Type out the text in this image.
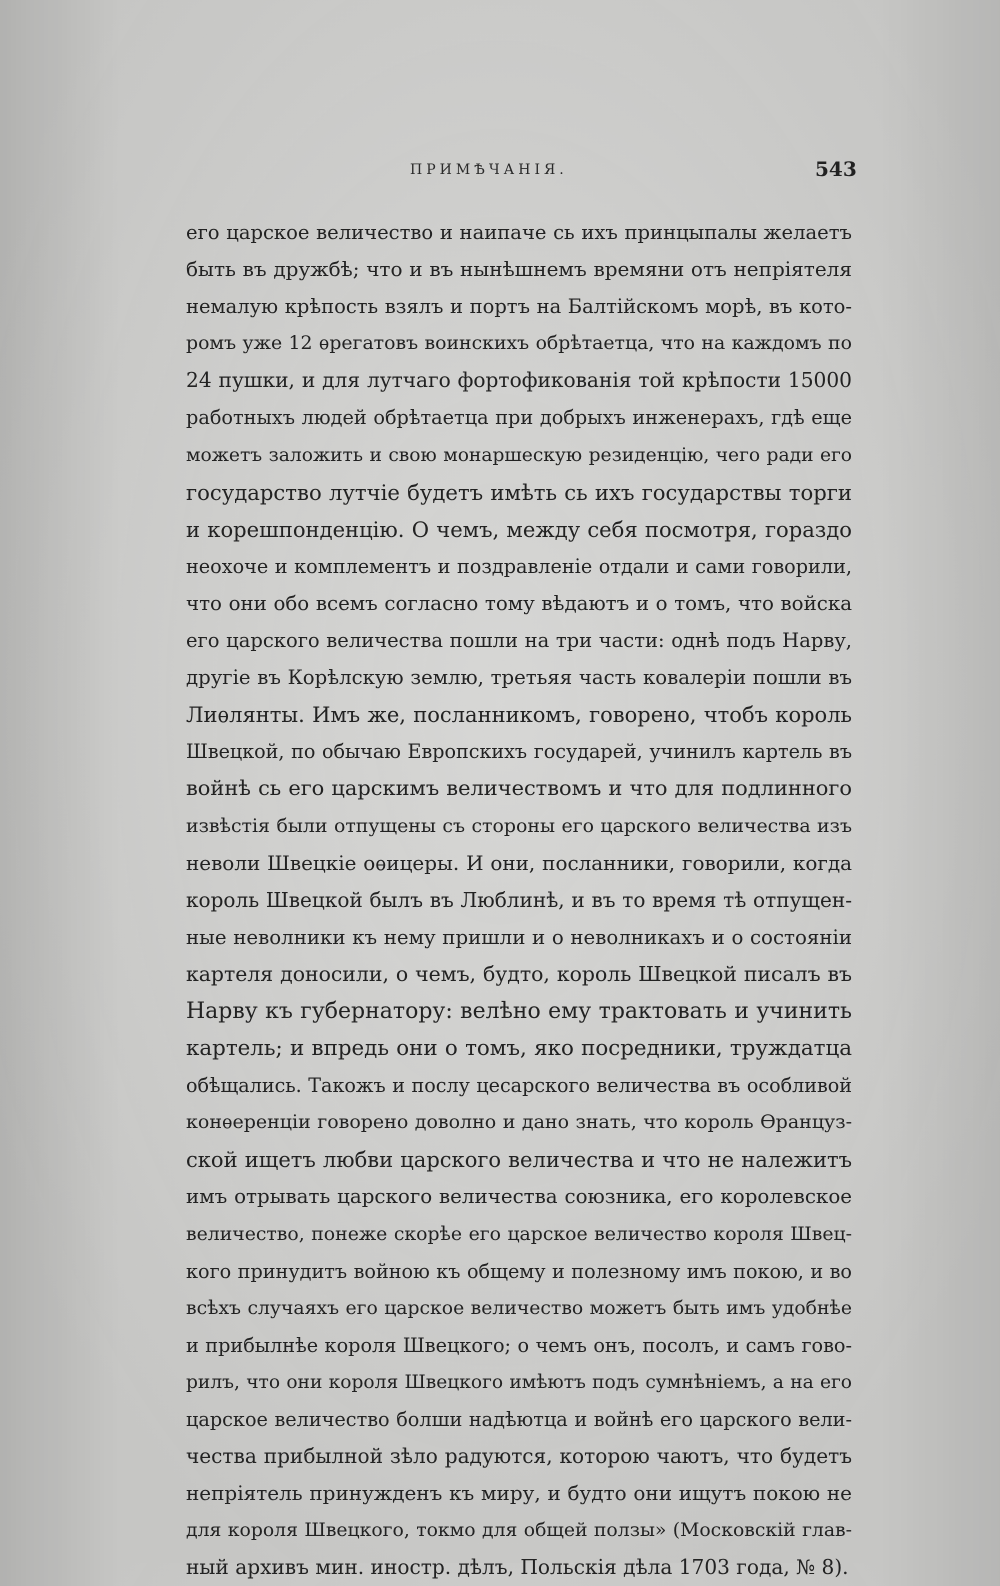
ПРИМѢЧАНІЯ.	543
его царское величество и наипаче сь ихъ принцыпалы желаетъ
быть въ дружбѣ; что и въ нынѣшнемъ времяни отъ непріятеля
немалую крѣпость взялъ и портъ на Балтійскомъ морѣ, въ кото-
ромъ уже 12 ѳрегатовъ воинскихъ обрѣтаетца, что на каждомъ по
24 пушки, и для лутчаго фортофикованія той крѣпости 15000
работныхъ людей обрѣтаетца при добрыхъ инженерахъ, гдѣ еще
можетъ заложить и свою монаршескую резиденцію, чего ради его
государство лутчіе будетъ имѣть сь ихъ государствы торги
и корешпонденцію. О чемъ, между себя посмотря, гораздо
неохоче и комплементъ и поздравленіе отдали и сами говорили,
что они обо всемъ согласно тому вѣдаютъ и о томъ, что войска
его царского величества пошли на три части: однѣ подъ Нарву,
другіе въ Корѣлскую землю, третьяя часть ковалеріи пошли въ
Лиѳлянты. Имъ же, посланникомъ, говорено, чтобъ король
Швецкой, по обычаю Европскихъ государей, учинилъ картель въ
войнѣ сь его царскимъ величествомъ и что для подлинного
извѣстія были отпущены съ стороны его царского величества изъ
неволи Швецкіе оѳицеры. И они, посланники, говорили, когда
король Швецкой былъ въ Люблинѣ, и въ то время тѣ отпущен-
ные неволники къ нему пришли и о неволникахъ и о состояніи
картеля доносили, о чемъ, будто, король Швецкой писалъ въ
Нарву къ губернатору: велѣно ему трактовать и учинить
картель; и впредь они о томъ, яко посредники, труждатца
обѣщались. Такожъ и послу цесарского величества въ особливой
конѳеренцiи говорено доволно и дано знать, что король Ѳранцуз-
ской ищетъ любви царского величества и что не належитъ
имъ отрывать царского величества союзника, его королевское
величество, понеже скорѣе его царское величество короля Швец-
кого принудитъ войною къ общему и полезному имъ покою, и во
всѣхъ случаяхъ его царское величество можетъ быть имъ удобнѣе
и прибылнѣе короля Швецкого; о чемъ онъ, посолъ, и самъ гово-
рилъ, что они короля Швецкого имѣютъ подъ сумнѣніемъ, а на его
царское величество болши надѣютца и войнѣ его царского вели-
чества прибылной зѣло радуются, которою чаютъ, что будетъ
непріятель принужденъ къ миру, и будто они ищутъ покою не
для короля Швецкого, токмо для общей ползы» (Московскій глав-
ный архивъ мин. иностр. дѣлъ, Польскія дѣла 1703 года, № 8).
